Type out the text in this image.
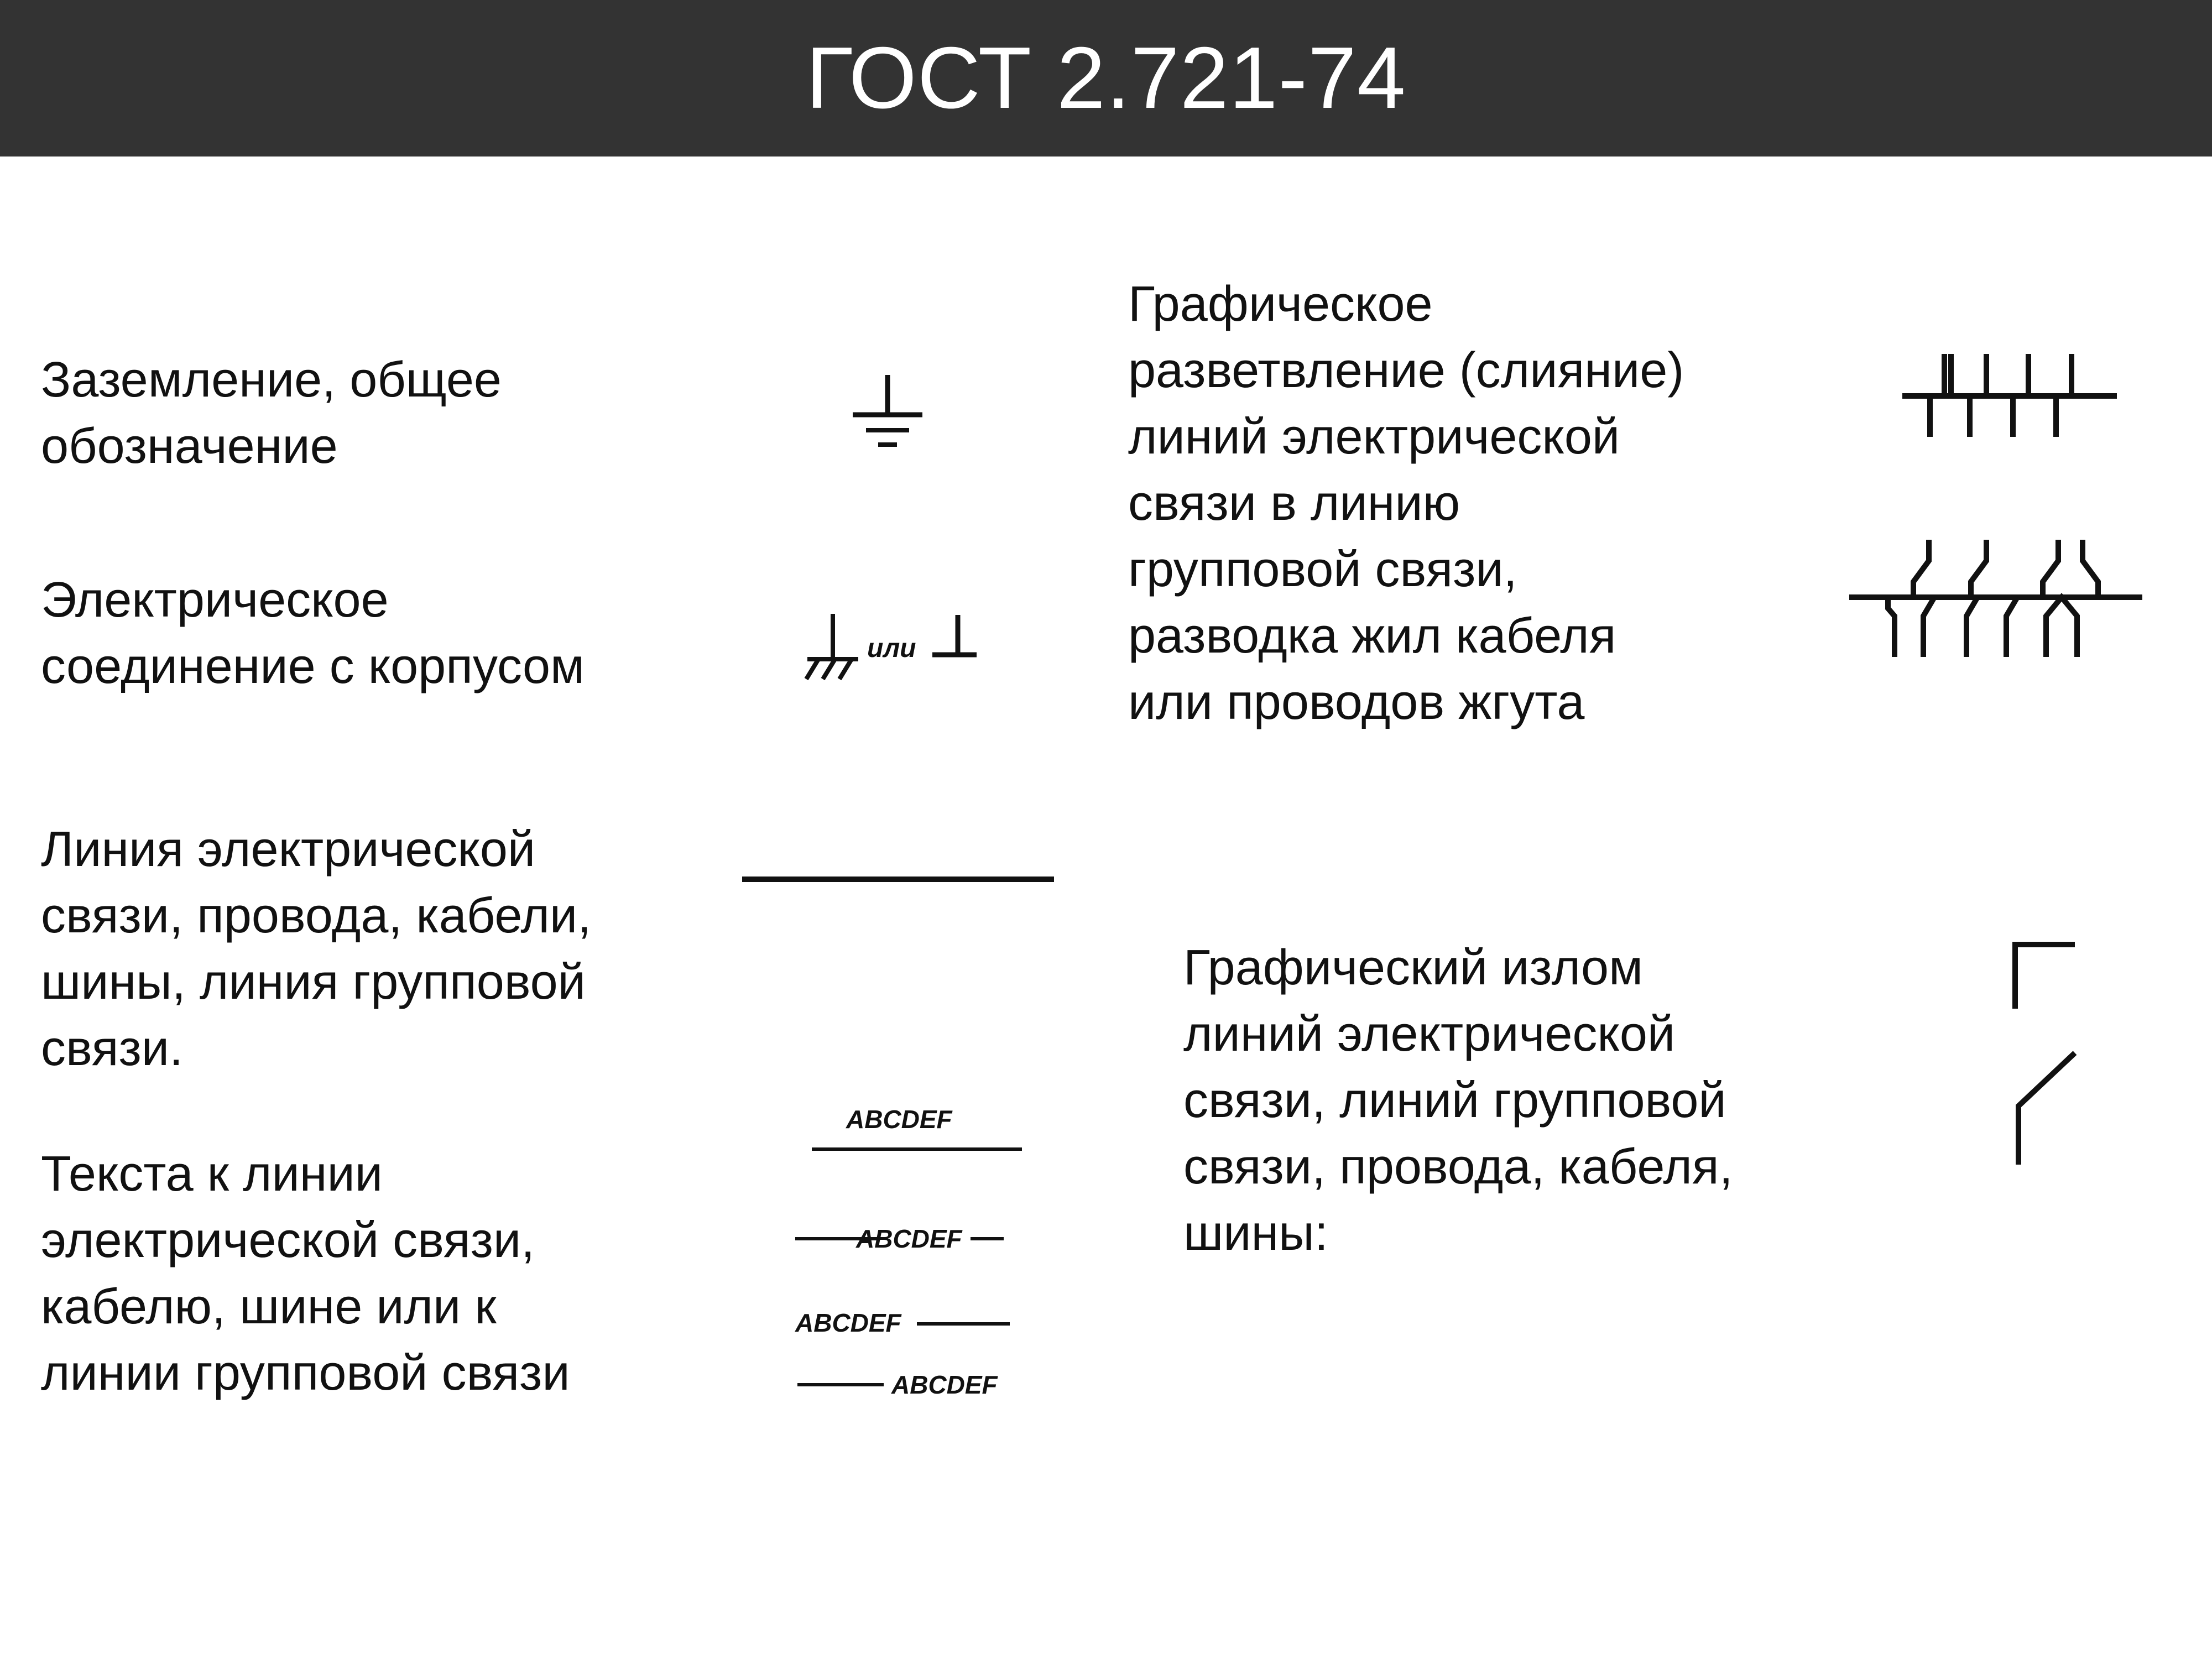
ГОСТ 2.721-74
Заземление, общее
обозначение
Электрическое
соединение с корпусом
Линия электрической
связи, провода, кабели,
шины, линия групповой
связи.
Текста к линии
электрической связи,
кабелю, шине или к
линии групповой связи
Графическое
разветвление (слияние)
линий электрической
связи в линию
групповой связи,
разводка жил кабеля
или проводов жгута
Графический излом
линий электрической
связи, линий групповой
связи, провода, кабеля,
шины:
или
ABCDEF
ABCDEF
ABCDEF
ABCDEF
